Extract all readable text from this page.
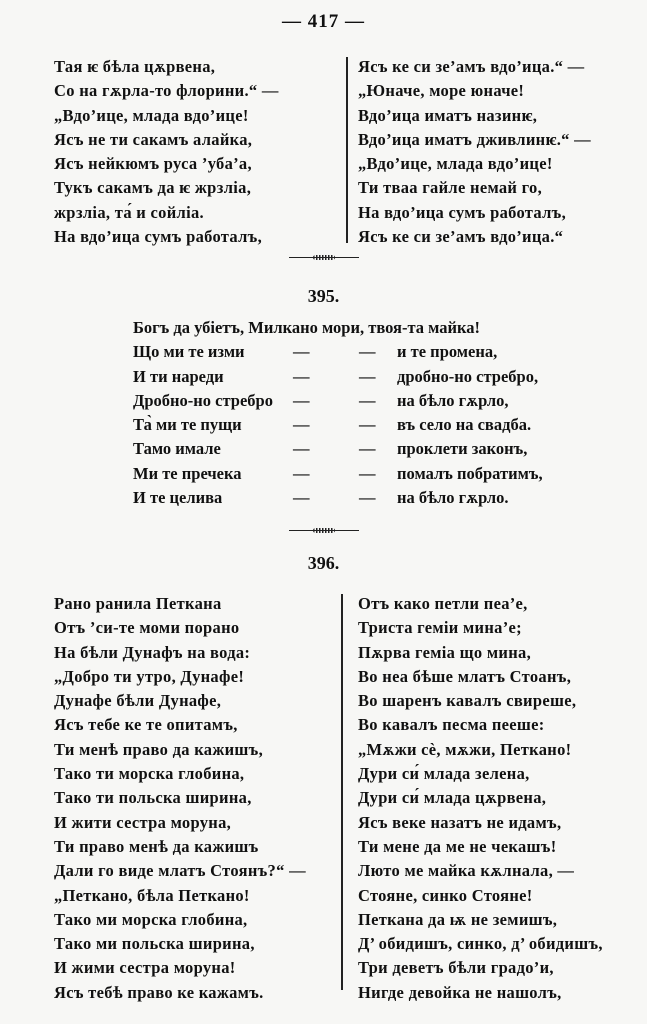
— 417 —
Тая ѥ бѣла цѫрвена,
Со на гѫрла-то флорини.“ —
„Вдо’ице, млада вдо’ице!
Ясъ не ти сакамъ алайка,
Ясъ нейкюмъ руса ’уба’а,
Тукъ сакамъ да ѥ жрзлiа,
жрзлiа, та́ и сойлiа.
На вдо’ица сумъ работалъ,
Ясъ ке си зе’амъ вдо’ица.“ —
„Юначе, море юначе!
Вдо’ица иматъ назинѥ,
Вдо’ица иматъ дживлинѥ.“ —
„Вдо’ице, млада вдо’ице!
Ти тваа гайле немай го,
На вдо’ица сумъ работалъ,
Ясъ ке си зе’амъ вдо’ица.“
395.
Богъ да убiетъ, Милкано мори, твоя-та майка!
Що ми те изми	—	—	и те промена,
И ти нареди	—	—	дробно-но стребро,
Дробно-но стребро	—	—	на бѣло гѫрло,
Та̀ ми те пущи	—	—	въ село на свадба.
Тамо имале	—	—	проклети законъ,
Ми те пречека	—	—	помалъ побратимъ,
И те целива	—	—	на бѣло гѫрло.
396.
Рано ранила Петкана
Отъ ’си-те моми порано
На бѣли Дунафъ на вода:
„Добро ти утро, Дунафе!
Дунафе бѣли Дунафе,
Ясъ тебе ке те опитамъ,
Ти менѣ право да кажишъ,
Тако ти морска глобина,
Тако ти польска ширина,
И жити сестра моруна,
Ти право менѣ да кажишъ
Дали го виде млатъ Стоянъ?“ —
„Петкано, бѣла Петкано!
Тако ми морска глобина,
Тако ми польска ширина,
И жими сестра моруна!
Ясъ тебѣ право ке кажамъ.
Отъ како петли пеа’е,
Триста гемiи мина’е;
Пѫрва гемiа що мина,
Во неа бѣше млатъ Стоанъ,
Во шаренъ кавалъ свиреше,
Во кавалъ песма пееше:
„Мѫжи сѐ, мѫжи, Петкано!
Дури си́ млада зелена,
Дури си́ млада цѫрвена,
Ясъ веке назатъ не идамъ,
Ти мене да ме не чекашъ!
Люто ме майка кѫлнала, —
Стояне, синко Стояне!
Петкана да ѭ не земишъ,
Д’ обидишъ, синко, д’ обидишъ,
Три деветъ бѣли градо’и,
Нигде девойка не нашолъ,
